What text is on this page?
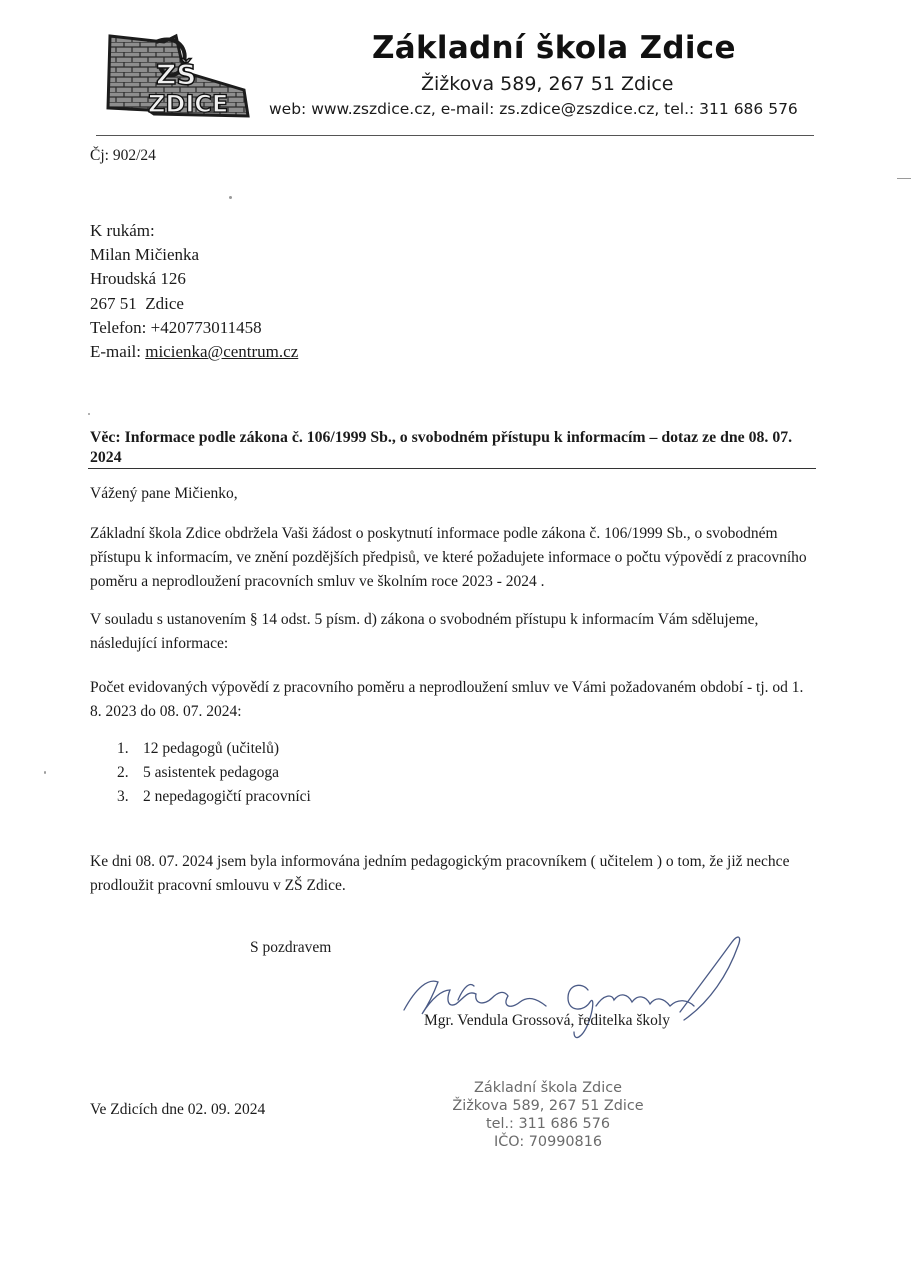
ZŠ
ZDICE
Základní škola Zdice
Žižkova 589, 267 51 Zdice
web: www.zszdice.cz, e-mail: zs.zdice@zszdice.cz, tel.: 311 686 576
Čj: 902/24
K rukám:
Milan Mičienka
Hroudská 126
267 51  Zdice
Telefon: +420773011458
E-mail: micienka@centrum.cz
Věc: Informace podle zákona č. 106/1999 Sb., o svobodném přístupu k informacím – dotaz ze dne 08. 07. 2024
Vážený pane Mičienko,
Základní škola Zdice obdržela Vaši žádost o poskytnutí informace podle zákona č. 106/1999 Sb., o svobodném přístupu k informacím, ve znění pozdějších předpisů, ve které požadujete informace o počtu výpovědí z pracovního poměru a neprodloužení pracovních smluv ve školním roce 2023 - 2024 .
V souladu s ustanovením § 14 odst. 5 písm. d) zákona o svobodném přístupu k informacím Vám sdělujeme, následující informace:
Počet evidovaných výpovědí z pracovního poměru a neprodloužení smluv ve Vámi požadovaném období - tj. od 1. 8. 2023 do 08. 07. 2024:
1. 12 pedagogů (učitelů)
2. 5 asistentek pedagoga
3. 2 nepedagogičtí pracovníci
Ke dni 08. 07. 2024 jsem byla informována jedním pedagogickým pracovníkem ( učitelem ) o tom, že již nechce prodloužit pracovní smlouvu v ZŠ Zdice.
S pozdravem
Mgr. Vendula Grossová, ředitelka školy
Ve Zdicích dne 02. 09. 2024
Základní škola Zdice
Žižkova 589, 267 51 Zdice
tel.: 311 686 576
IČO: 70990816
